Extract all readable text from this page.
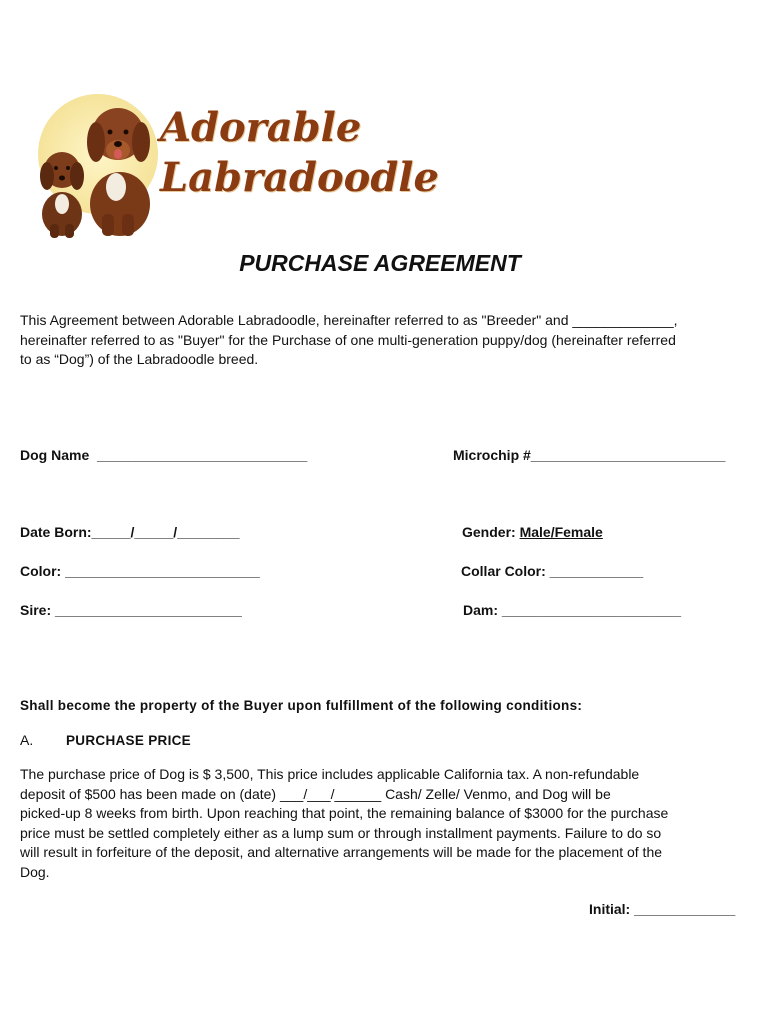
Adorable
Labradoodle
PURCHASE AGREEMENT
This Agreement between Adorable Labradoodle, hereinafter referred to as "Breeder" and _____________,
hereinafter referred to as "Buyer" for the Purchase of one multi-generation puppy/dog (hereinafter referred
to as “Dog”) of the Labradoodle breed.
Dog Name  ___________________________	Microchip #_________________________
Date Born:_____/_____/________	Gender: Male/Female
Color: _________________________	Collar Color: ____________
Sire: ________________________	Dam: _______________________
Shall become the property of the Buyer upon fulfillment of the following conditions:
A. PURCHASE PRICE
The purchase price of Dog is $ 3,500, This price includes applicable California tax. A non-refundable
deposit of $500 has been made on (date) ___/___/______ Cash/ Zelle/ Venmo, and Dog will be
picked-up 8 weeks from birth. Upon reaching that point, the remaining balance of $3000 for the purchase
price must be settled completely either as a lump sum or through installment payments. Failure to do so
will result in forfeiture of the deposit, and alternative arrangements will be made for the placement of the
Dog.
Initial: _____________
